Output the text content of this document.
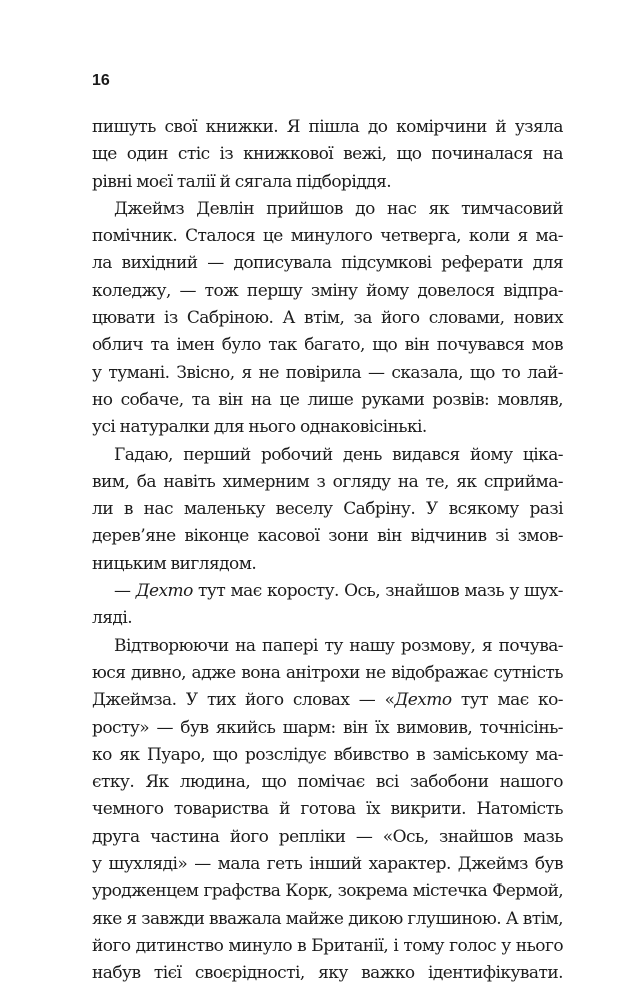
16
пишуть свої книжки. Я пішла до комірчини й узяла
ще один стіс із книжкової вежі, що починалася на
рівні моєї талії й сягала підборіддя.
Джеймз Девлін прийшов до нас як тимчасовий
помічник. Сталося це минулого четверга, коли я ма-
ла вихідний — дописувала підсумкові реферати для
коледжу, — тож першу зміну йому довелося відпра-
цювати із Сабріною. А втім, за його словами, нових
облич та імен було так багато, що він почувався мов
у тумані. Звісно, я не повірила — сказала, що то лай-
но собаче, та він на це лише руками розвів: мовляв,
усі натуралки для нього однаковісінькі.
Гадаю, перший робочий день видався йому ціка-
вим, ба навіть химерним з огляду на те, як сприйма-
ли в нас маленьку веселу Сабріну. У всякому разі
дерев’яне віконце касової зони він відчинив зі змов-
ницьким виглядом.
— Дехто тут має коросту. Ось, знайшов мазь у шух-
ляді.
Відтворюючи на папері ту нашу розмову, я почува-
юся дивно, адже вона анітрохи не відображає сутність
Джеймза. У тих його словах — «Дехто тут має ко-
росту» — був якийсь шарм: він їх вимовив, точнісінь-
ко як Пуаро, що розслідує вбивство в заміському ма-
єтку. Як людина, що помічає всі забобони нашого
чемного товариства й готова їх викрити. Натомість
друга частина його репліки — «Ось, знайшов мазь
у шухляді» — мала геть інший характер. Джеймз був
уродженцем графства Корк, зокрема містечка Фермой,
яке я завжди вважала майже дикою глушиною. А втім,
його дитинство минуло в Британії, і тому голос у нього
набув тієї своєрідності, яку важко ідентифікувати.
